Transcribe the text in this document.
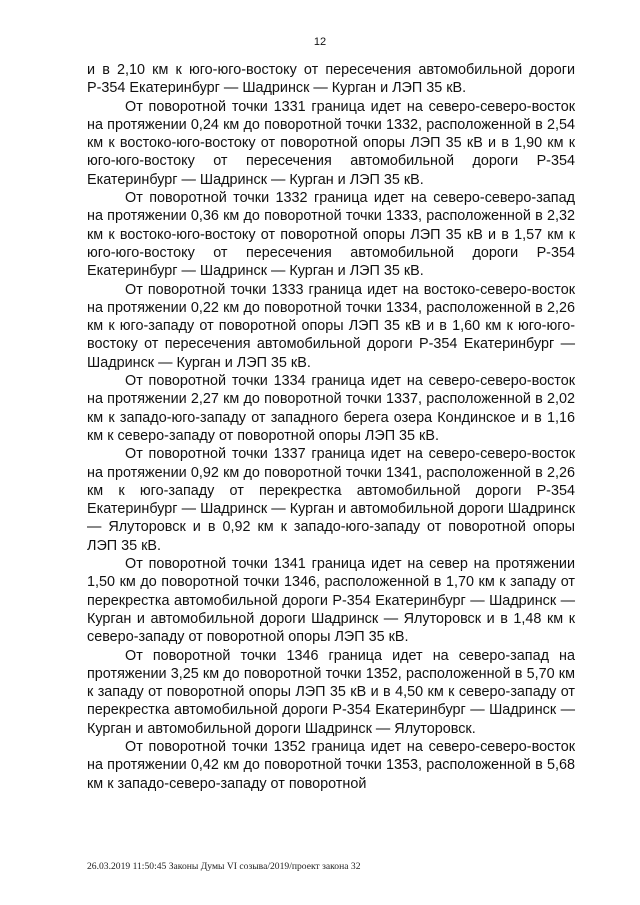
12

и в 2,10 км к юго-юго-востоку от пересечения автомобильной дороги Р-354 Екатеринбург — Шадринск — Курган и ЛЭП 35 кВ.

От поворотной точки 1331 граница идет на северо-северо-восток на протяжении 0,24 км до поворотной точки 1332, расположенной в 2,54 км к востоко-юго-востоку от поворотной опоры ЛЭП 35 кВ и в 1,90 км к юго-юго-востоку от пересечения автомобильной дороги Р-354 Екатеринбург — Шадринск — Курган и ЛЭП 35 кВ.

От поворотной точки 1332 граница идет на северо-северо-запад на протяжении 0,36 км до поворотной точки 1333, расположенной в 2,32 км к востоко-юго-востоку от поворотной опоры ЛЭП 35 кВ и в 1,57 км к юго-юго-востоку от пересечения автомобильной дороги Р-354 Екатеринбург — Шадринск — Курган и ЛЭП 35 кВ.

От поворотной точки 1333 граница идет на востоко-северо-восток на протяжении 0,22 км до поворотной точки 1334, расположенной в 2,26 км к юго-западу от поворотной опоры ЛЭП 35 кВ и в 1,60 км к юго-юго-востоку от пересечения автомобильной дороги Р-354 Екатеринбург — Шадринск — Курган и ЛЭП 35 кВ.

От поворотной точки 1334 граница идет на северо-северо-восток на протяжении 2,27 км до поворотной точки 1337, расположенной в 2,02 км к западо-юго-западу от западного берега озера Кондинское и в 1,16 км к северо-западу от поворотной опоры ЛЭП 35 кВ.

От поворотной точки 1337 граница идет на северо-северо-восток на протяжении 0,92 км до поворотной точки 1341, расположенной в 2,26 км к юго-западу от перекрестка автомобильной дороги Р-354 Екатеринбург — Шадринск — Курган и автомобильной дороги Шадринск — Ялуторовск и в 0,92 км к западо-юго-западу от поворотной опоры ЛЭП 35 кВ.

От поворотной точки 1341 граница идет на север на протяжении 1,50 км до поворотной точки 1346, расположенной в 1,70 км к западу от перекрестка автомобильной дороги Р-354 Екатеринбург — Шадринск — Курган и автомобильной дороги Шадринск — Ялуторовск и в 1,48 км к северо-западу от поворотной опоры ЛЭП 35 кВ.

От поворотной точки 1346 граница идет на северо-запад на протяжении 3,25 км до поворотной точки 1352, расположенной в 5,70 км к западу от поворотной опоры ЛЭП 35 кВ и в 4,50 км к северо-западу от перекрестка автомобильной дороги Р-354 Екатеринбург — Шадринск — Курган и автомобильной дороги Шадринск — Ялуторовск.

От поворотной точки 1352 граница идет на северо-северо-восток на протяжении 0,42 км до поворотной точки 1353, расположенной в 5,68 км к западо-северо-западу от поворотной

26.03.2019 11:50:45 Законы Думы VI созыва/2019/проект закона 32
